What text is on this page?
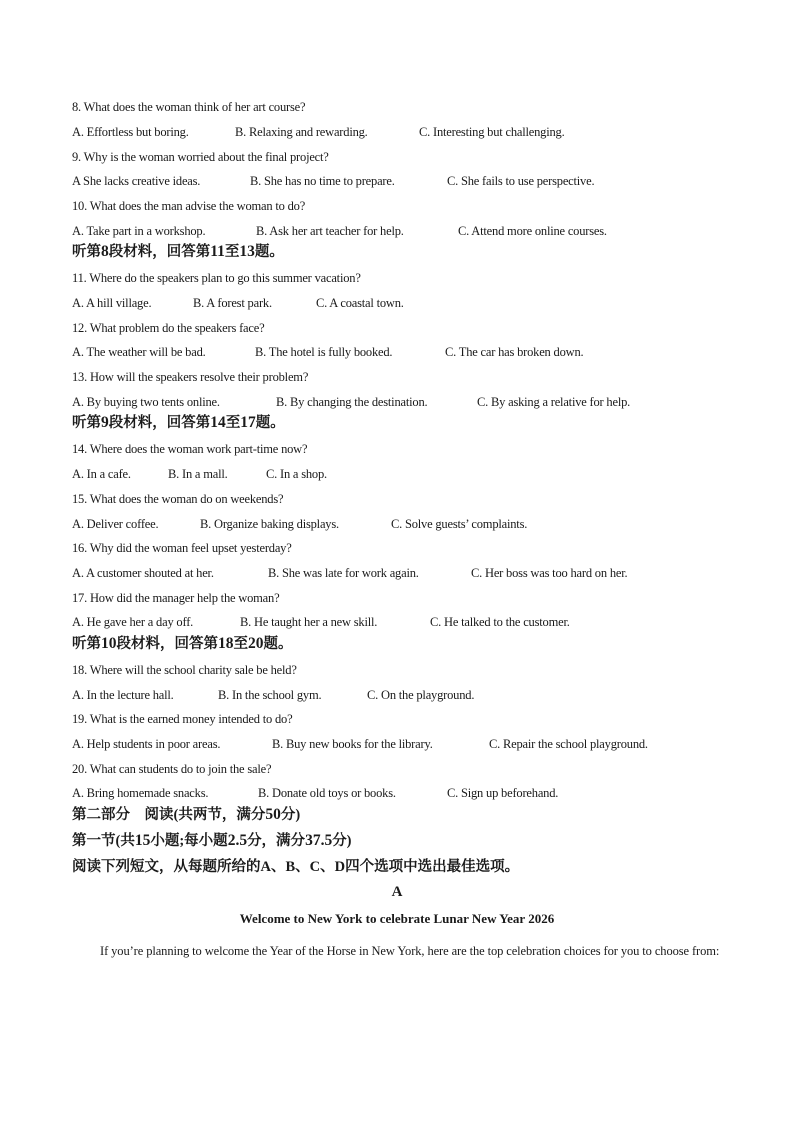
8. What does the woman think of her art course?
A. Effortless but boring.	B. Relaxing and rewarding.	C. Interesting but challenging.
9. Why is the woman worried about the final project?
A She lacks creative ideas.	B. She has no time to prepare.	C. She fails to use perspective.
10. What does the man advise the woman to do?
A. Take part in a workshop.	B. Ask her art teacher for help.	C. Attend more online courses.
听第8段材料，回答第11至13题。
11. Where do the speakers plan to go this summer vacation?
A. A hill village.	B. A forest park.	C. A coastal town.
12. What problem do the speakers face?
A. The weather will be bad.	B. The hotel is fully booked.	C. The car has broken down.
13. How will the speakers resolve their problem?
A. By buying two tents online.	B. By changing the destination.	C. By asking a relative for help.
听第9段材料，回答第14至17题。
14. Where does the woman work part-time now?
A. In a cafe.	B. In a mall.	C. In a shop.
15. What does the woman do on weekends?
A. Deliver coffee.	B. Organize baking displays.	C. Solve guests’ complaints.
16. Why did the woman feel upset yesterday?
A. A customer shouted at her.	B. She was late for work again.	C. Her boss was too hard on her.
17. How did the manager help the woman?
A. He gave her a day off.	B. He taught her a new skill.	C. He talked to the customer.
听第10段材料，回答第18至20题。
18. Where will the school charity sale be held?
A. In the lecture hall.	B. In the school gym.	C. On the playground.
19. What is the earned money intended to do?
A. Help students in poor areas.	B. Buy new books for the library.	C. Repair the school playground.
20. What can students do to join the sale?
A. Bring homemade snacks.	B. Donate old toys or books.	C. Sign up beforehand.
第二部分　阅读(共两节，满分50分)
第一节(共15小题;每小题2.5分，满分37.5分)
阅读下列短文，从每题所给的A、B、C、D四个选项中选出最佳选项。
A
Welcome to New York to celebrate Lunar New Year 2026
If you’re planning to welcome the Year of the Horse in New York, here are the top celebration choices for you to choose from:
